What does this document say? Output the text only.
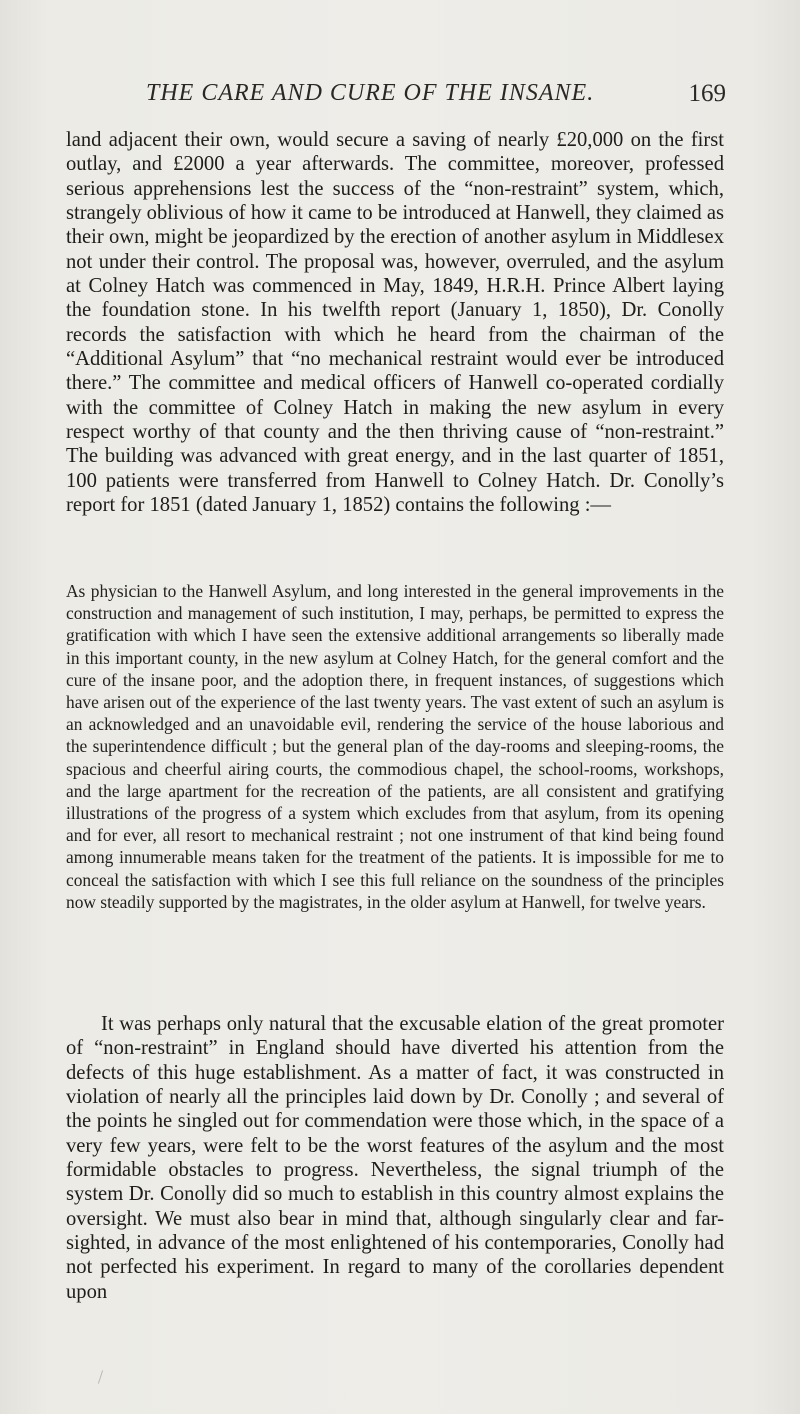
THE CARE AND CURE OF THE INSANE.	169

land adjacent their own, would secure a saving of nearly £20,000 on the first outlay, and £2000 a year afterwards. The committee, moreover, professed serious apprehensions lest the success of the “non-restraint” system, which, strangely oblivious of how it came to be introduced at Hanwell, they claimed as their own, might be jeopardized by the erection of another asylum in Middlesex not under their control. The proposal was, however, overruled, and the asylum at Colney Hatch was commenced in May, 1849, H.R.H. Prince Albert laying the foundation stone. In his twelfth report (January 1, 1850), Dr. Conolly records the satisfaction with which he heard from the chairman of the “Additional Asylum” that “no mechanical restraint would ever be introduced there.” The committee and medical officers of Hanwell co-operated cordially with the committee of Colney Hatch in making the new asylum in every respect worthy of that county and the then thriving cause of “non-restraint.” The building was advanced with great energy, and in the last quarter of 1851, 100 patients were transferred from Hanwell to Colney Hatch. Dr. Conolly’s report for 1851 (dated January 1, 1852) contains the following :—

As physician to the Hanwell Asylum, and long interested in the general improvements in the construction and management of such institution, I may, perhaps, be permitted to express the gratification with which I have seen the extensive additional arrangements so liberally made in this important county, in the new asylum at Colney Hatch, for the general comfort and the cure of the insane poor, and the adoption there, in frequent instances, of suggestions which have arisen out of the experience of the last twenty years. The vast extent of such an asylum is an acknowledged and an unavoidable evil, rendering the service of the house laborious and the superintendence difficult ; but the general plan of the day-rooms and sleeping-rooms, the spacious and cheerful airing courts, the commodious chapel, the school-rooms, workshops, and the large apartment for the recreation of the patients, are all consistent and gratifying illustrations of the progress of a system which excludes from that asylum, from its opening and for ever, all resort to mechanical restraint ; not one instrument of that kind being found among innumerable means taken for the treatment of the patients. It is impossible for me to conceal the satisfaction with which I see this full reliance on the soundness of the principles now steadily supported by the magistrates, in the older asylum at Hanwell, for twelve years.

It was perhaps only natural that the excusable elation of the great promoter of “non-restraint” in England should have diverted his attention from the defects of this huge establishment. As a matter of fact, it was constructed in violation of nearly all the principles laid down by Dr. Conolly ; and several of the points he singled out for commendation were those which, in the space of a very few years, were felt to be the worst features of the asylum and the most formidable obstacles to progress. Nevertheless, the signal triumph of the system Dr. Conolly did so much to establish in this country almost explains the oversight. We must also bear in mind that, although singularly clear and far-sighted, in advance of the most enlightened of his contemporaries, Conolly had not perfected his experiment. In regard to many of the corollaries dependent upon
